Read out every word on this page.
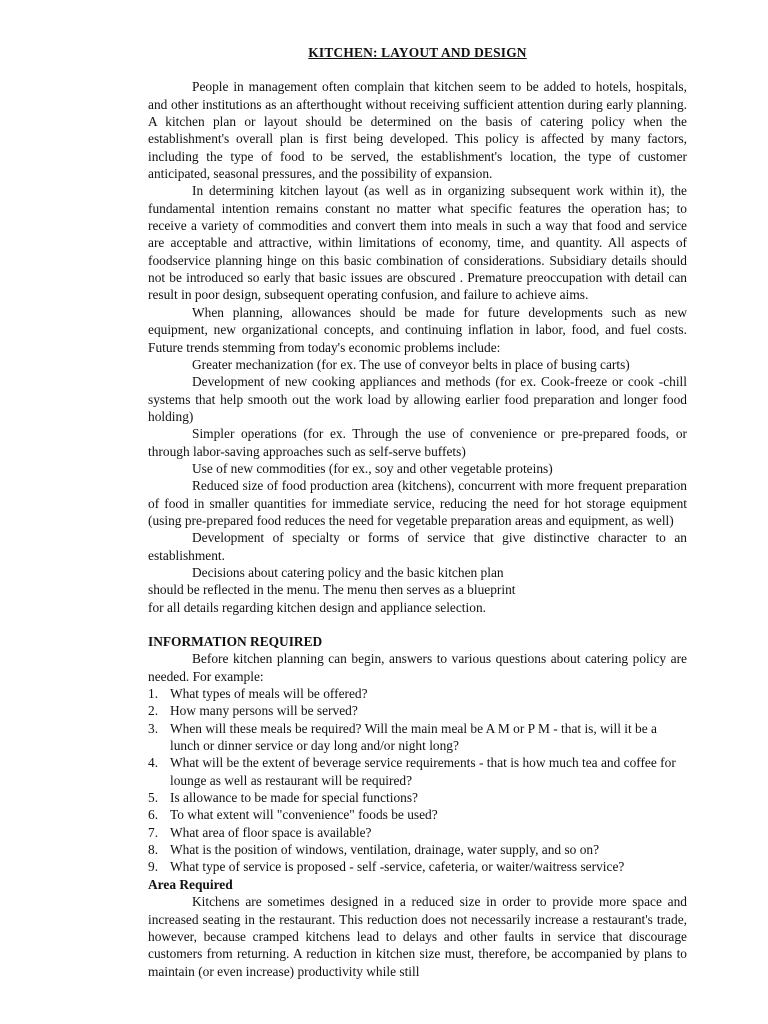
KITCHEN: LAYOUT AND DESIGN

People in management often complain that kitchen seem to be added to hotels, hospitals, and other institutions as an afterthought without receiving sufficient attention during early planning. A kitchen plan or layout should be determined on the basis of catering policy when the establishment's overall plan is first being developed. This policy is affected by many factors, including the type of food to be served, the establishment's location, the type of customer anticipated, seasonal pressures, and the possibility of expansion.

In determining kitchen layout (as well as in organizing subsequent work within it), the fundamental intention remains constant no matter what specific features the operation has; to receive a variety of commodities and convert them into meals in such a way that food and service are acceptable and attractive, within limitations of economy, time, and quantity. All aspects of foodservice planning hinge on this basic combination of considerations. Subsidiary details should not be introduced so early that basic issues are obscured . Premature preoccupation with detail can result in poor design, subsequent operating confusion, and failure to achieve aims.

When planning, allowances should be made for future developments such as new equipment, new organizational concepts, and continuing inflation in labor, food, and fuel costs. Future trends stemming from today's economic problems include:

Greater mechanization (for ex. The use of conveyor belts in place of busing carts)

Development of new cooking appliances and methods (for ex. Cook-freeze or cook -chill systems that help smooth out the work load by allowing earlier food preparation and longer food holding)

Simpler operations (for ex. Through the use of convenience or pre-prepared foods, or through labor-saving approaches such as self-serve buffets)

Use of new commodities (for ex., soy and other vegetable proteins)

Reduced size of food production area (kitchens), concurrent with more frequent preparation of food in smaller quantities for immediate service, reducing the need for hot storage equipment (using pre-prepared food reduces the need for vegetable preparation areas and equipment, as well)

Development of specialty or forms of service that give distinctive character to an establishment.

Decisions about catering policy and the basic kitchen plan

should be reflected in the menu. The menu then serves as a blueprint

for all details regarding kitchen design and appliance selection.

INFORMATION REQUIRED

Before kitchen planning can begin, answers to various questions about catering policy are needed. For example:

1. What types of meals will be offered?
2. How many persons will be served?
3. When will these meals be required? Will the main meal be A M or P M - that is, will it be a lunch or dinner service or day long and/or night long?
4. What will be the extent of beverage service requirements - that is how much tea and coffee for lounge as well as restaurant will be required?
5. Is allowance to be made for special functions?
6. To what extent will "convenience" foods be used?
7. What area of floor space is available?
8. What is the position of windows, ventilation, drainage, water supply, and so on?
9. What type of service is proposed - self -service, cafeteria, or waiter/waitress service?
Area Required

Kitchens are sometimes designed in a reduced size in order to provide more space and increased seating in the restaurant. This reduction does not necessarily increase a restaurant's trade, however, because cramped kitchens lead to delays and other faults in service that discourage customers from returning. A reduction in kitchen size must, therefore, be accompanied by plans to maintain (or even increase) productivity while still
